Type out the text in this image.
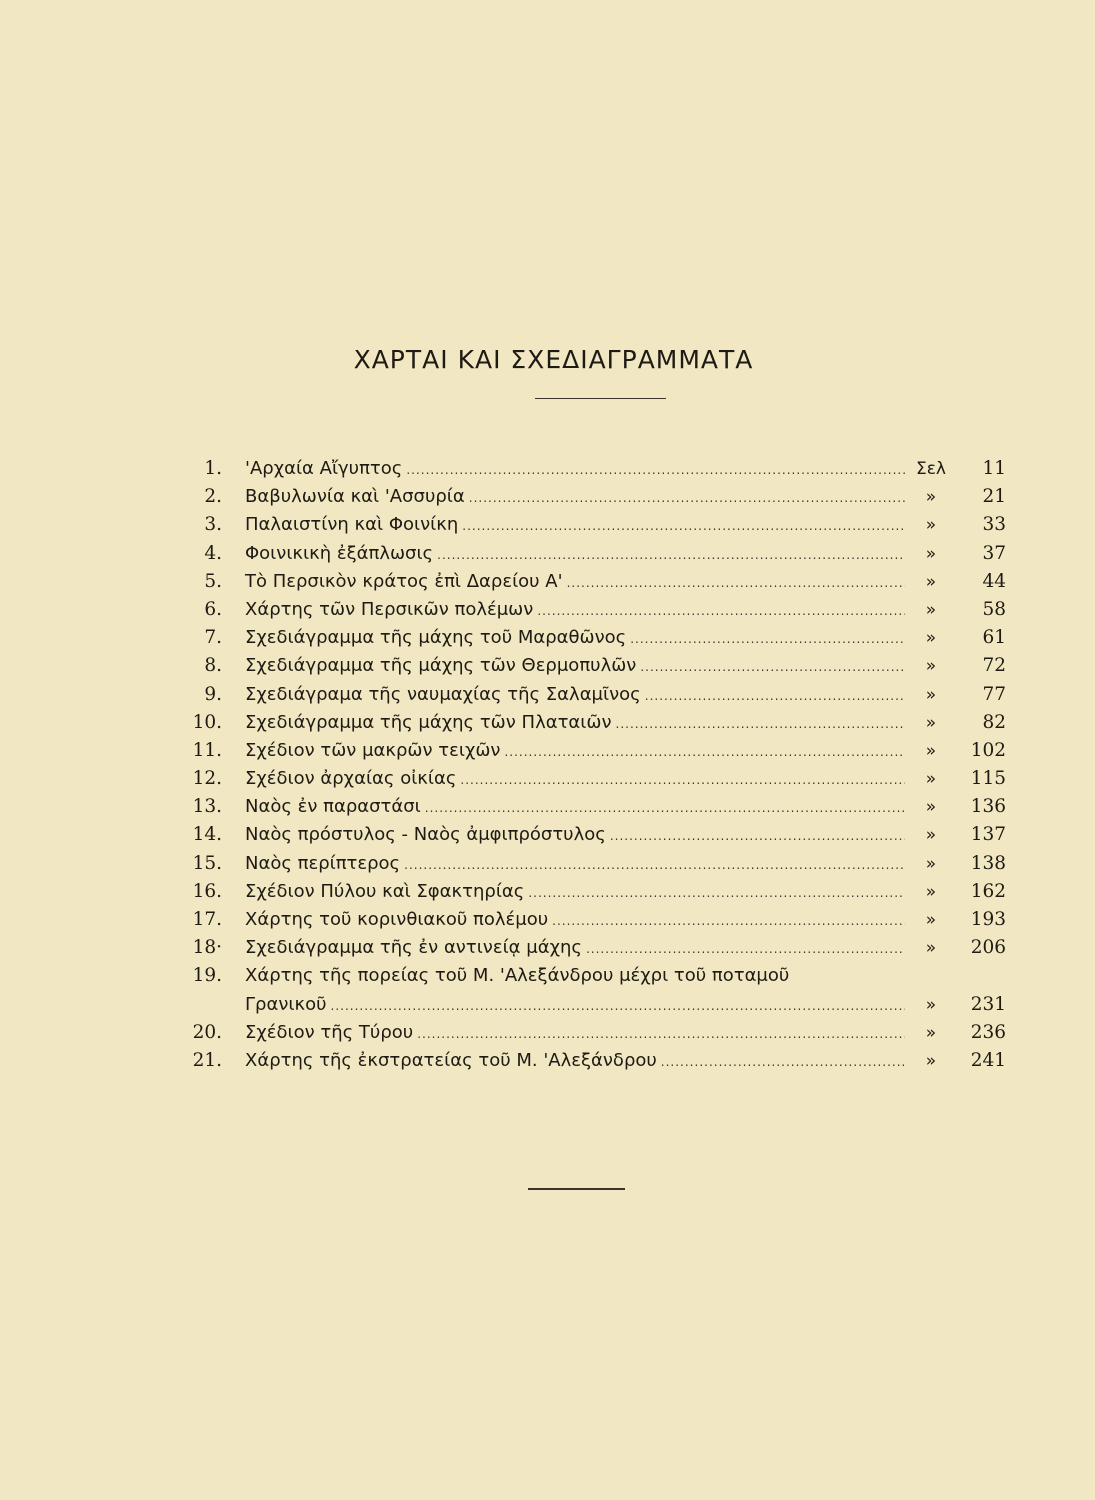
ΧΑΡΤΑΙ ΚΑΙ ΣΧΕΔΙΑΓΡΑΜΜΑΤΑ
1. 'Αρχαία Αἴγυπτος .....	Σελ	11
2. Βαβυλωνία καὶ 'Ασσυρία .....	»	21
3. Παλαιστίνη καὶ Φοινίκη .....	»	33
4. Φοινικικὴ ἐξάπλωσις .....	»	37
5. Τὸ Περσικὸν κράτος ἐπὶ Δαρείου Α' .....	»	44
6. Χάρτης τῶν Περσικῶν πολέμων .....	»	58
7. Σχεδιάγραμμα τῆς μάχης τοῦ Μαραθῶνος .....	»	61
8. Σχεδιάγραμμα τῆς μάχης τῶν Θερμοπυλῶν .....	»	72
9. Σχεδιάγραμα τῆς ναυμαχίας τῆς Σαλαμῖνος .....	»	77
10. Σχεδιάγραμμα τῆς μάχης τῶν Πλαταιῶν .....	»	82
11. Σχέδιον τῶν μακρῶν τειχῶν .....	»	102
12. Σχέδιον ἀρχαίας οἰκίας .....	»	115
13. Ναὸς ἐν παραστάσι .....	»	136
14. Ναὸς πρόστυλος - Ναὸς ἀμφιπρόστυλος .....	»	137
15. Ναὸς περίπτερος .....	»	138
16. Σχέδιον Πύλου καὶ Σφακτηρίας .....	»	162
17. Χάρτης τοῦ κορινθιακοῦ πολέμου .....	»	193
18· Σχεδιάγραμμα τῆς ἐν αντινείᾳ μάχης .....	»	206
19. Χάρτης τῆς πορείας τοῦ Μ. 'Αλεξάνδρου μέχρι τοῦ ποταμοῦ
Γρανικοῦ .....	»	231
20. Σχέδιον τῆς Τύρου .....	»	236
21. Χάρτης τῆς ἐκστρατείας τοῦ Μ. 'Αλεξάνδρου .....	»	241
